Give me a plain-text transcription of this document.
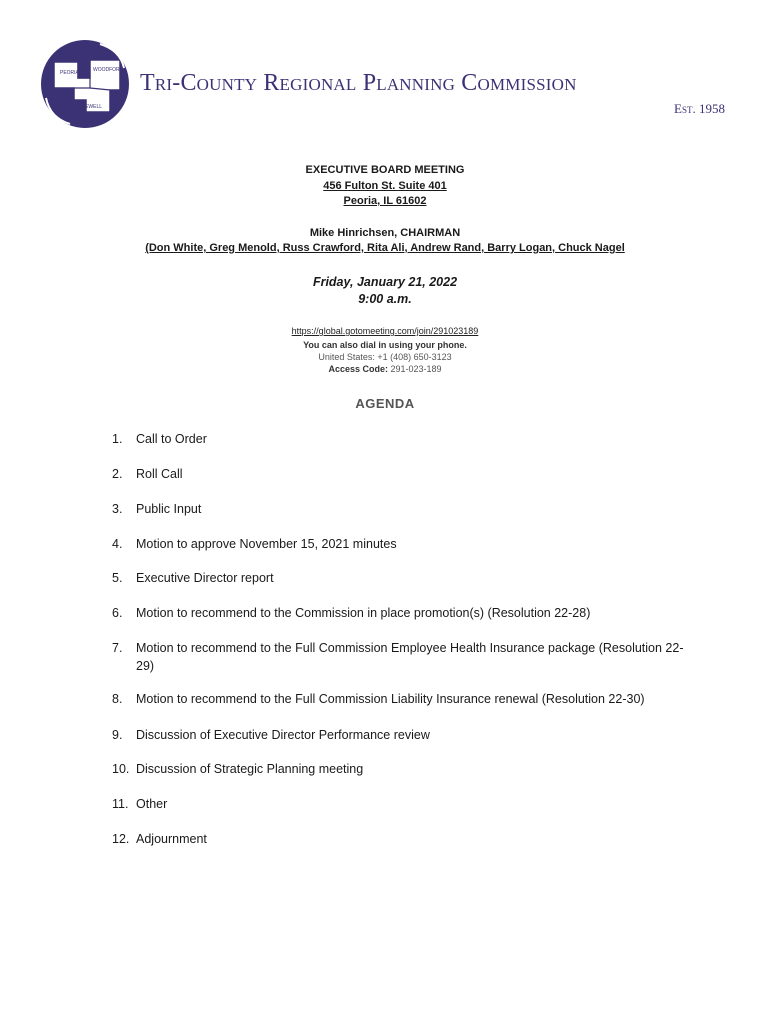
PEORIA	WOODFORD
TAZEWELL
Tri-County Regional Planning Commission
Est. 1958
EXECUTIVE BOARD MEETING
456 Fulton St. Suite 401
Peoria, IL 61602
Mike Hinrichsen, CHAIRMAN
(Don White, Greg Menold, Russ Crawford, Rita Ali, Andrew Rand, Barry Logan, Chuck Nagel
Friday, January 21, 2022
9:00 a.m.
https://global.gotomeeting.com/join/291023189
You can also dial in using your phone.
United States: +1 (408) 650-3123
Access Code: 291-023-189
AGENDA
1. Call to Order
2. Roll Call
3. Public Input
4. Motion to approve November 15, 2021 minutes
5. Executive Director report
6. Motion to recommend to the Commission in place promotion(s) (Resolution 22-28)
7. Motion to recommend to the Full Commission Employee Health Insurance package (Resolution 22-29)
8. Motion to recommend to the Full Commission Liability Insurance renewal (Resolution 22-30)
9. Discussion of Executive Director Performance review
10. Discussion of Strategic Planning meeting
11. Other
12. Adjournment
